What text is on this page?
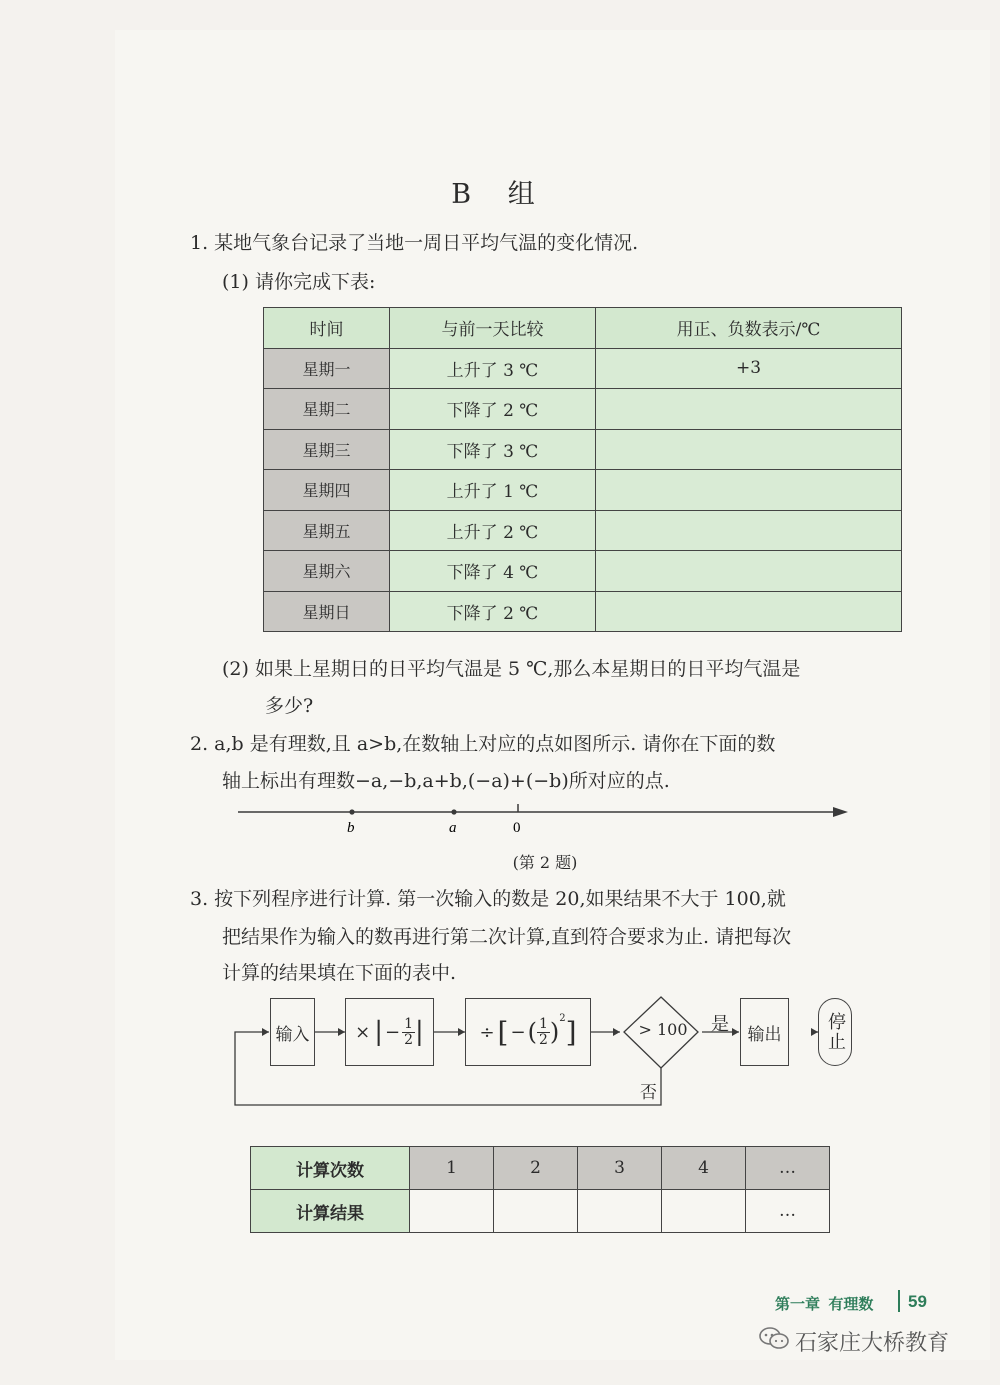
B 组
1. 某地气象台记录了当地一周日平均气温的变化情况.
(1) 请你完成下表:
时间	与前一天比较	用正、负数表示/℃
星期一	上升了 3 ℃	+3
星期二	下降了 2 ℃	
星期三	下降了 3 ℃	
星期四	上升了 1 ℃	
星期五	上升了 2 ℃	
星期六	下降了 4 ℃	
星期日	下降了 2 ℃	
(2) 如果上星期日的日平均气温是 5 ℃,那么本星期日的日平均气温是
多少?
2. a,b 是有理数,且 a>b,在数轴上对应的点如图所示. 请你在下面的数
轴上标出有理数−a,−b,a+b,(−a)+(−b)所对应的点.
b	a	0
(第 2 题)
3. 按下列程序进行计算. 第一次输入的数是 20,如果结果不大于 100,就
把结果作为输入的数再进行第二次计算,直到符合要求为止. 请把每次
计算的结果填在下面的表中.
输入	× | − $\frac{1}{2}$ |	÷ [ − ( $\frac{1}{2} )^2$ ]	> 100	是
否
输出	停止
计算次数	1	2	3	4	…
计算结果					…
第一章  有理数 59
石家庄大桥教育
